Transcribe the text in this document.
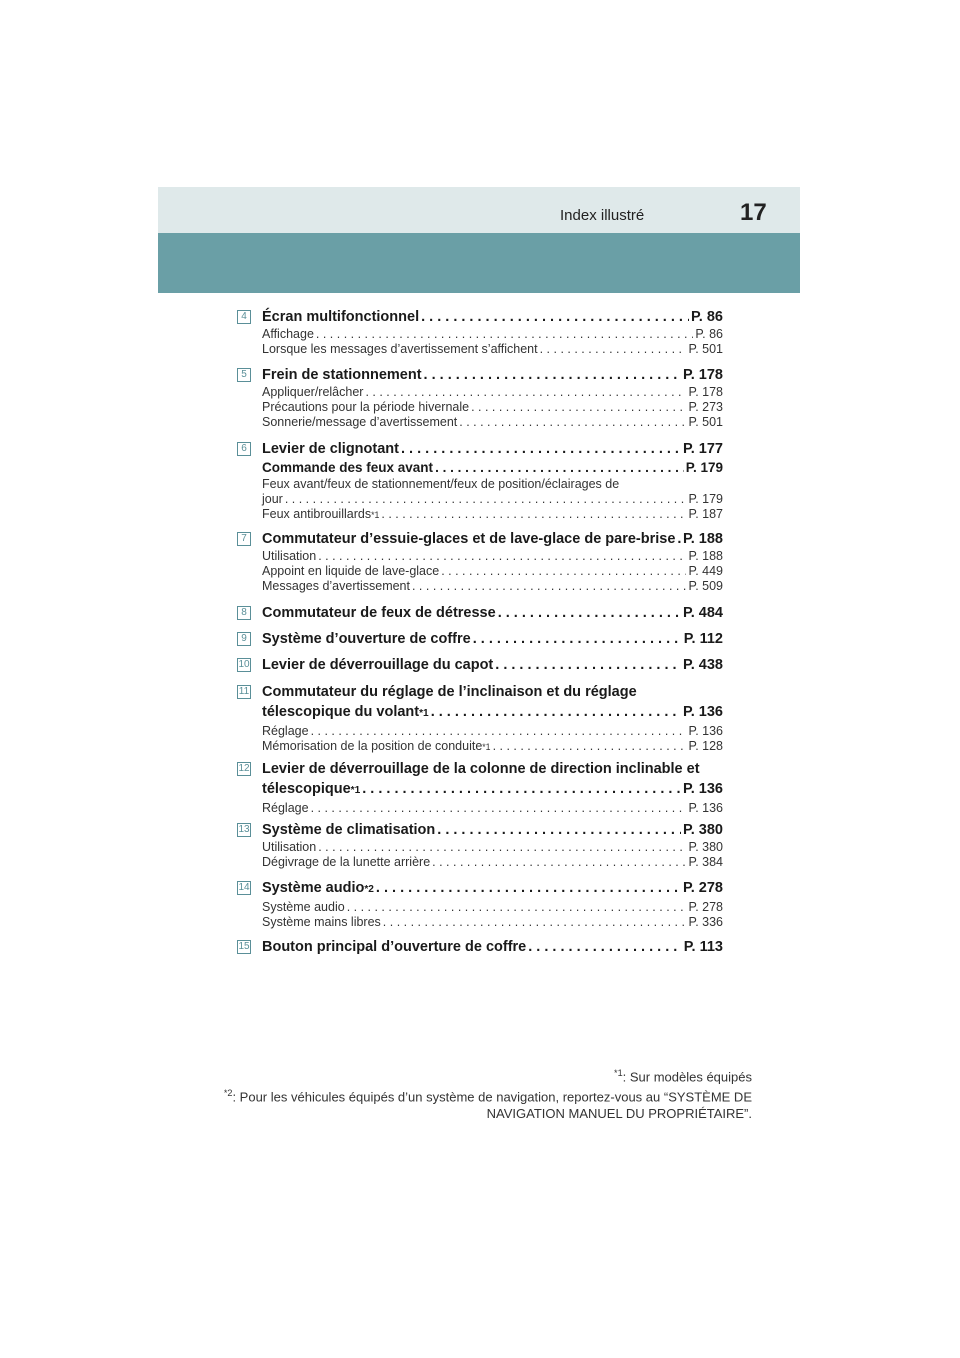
Index illustré	17
4 Écran multifonctionnel . . .	P. 86
Affichage . . .	P. 86
Lorsque les messages d’avertissement s’affichent . . .	P. 501
5 Frein de stationnement . . .	P. 178
Appliquer/relâcher . . .	P. 178
Précautions pour la période hivernale . . .	P. 273
Sonnerie/message d’avertissement . . .	P. 501
6 Levier de clignotant . . .	P. 177
Commande des feux avant . . .	P. 179
Feux avant/feux de stationnement/feux de position/éclairages de
jour . . .	P. 179
Feux antibrouillards *1 . . .	P. 187
7 Commutateur d’essuie-glaces et de lave-glace de pare-brise . . . P. 188
Utilisation . . .	P. 188
Appoint en liquide de lave-glace . . .	P. 449
Messages d’avertissement . . .	P. 509
8 Commutateur de feux de détresse . . .	P. 484
9 Système d’ouverture de coffre . . .	P. 112
10 Levier de déverrouillage du capot . . .	P. 438
11 Commutateur du réglage de l’inclinaison et du réglage
télescopique du volant *1 . . .	P. 136
Réglage . . .	P. 136
Mémorisation de la position de conduite *1 . . .	P. 128
12 Levier de déverrouillage de la colonne de direction inclinable et
télescopique *1 . . .	P. 136
Réglage . . .	P. 136
13 Système de climatisation . . .	P. 380
Utilisation . . .	P. 380
Dégivrage de la lunette arrière . . .	P. 384
14 Système audio *2 . . .	P. 278
Système audio . . .	P. 278
Système mains libres . . .	P. 336
15 Bouton principal d’ouverture de coffre . . .	P. 113
$^{*1}$: Sur modèles équipés
$^{*2}$: Pour les véhicules équipés d’un système de navigation, reportez-vous au “SYSTÈME DE
NAVIGATION MANUEL DU PROPRIÉTAIRE”.
